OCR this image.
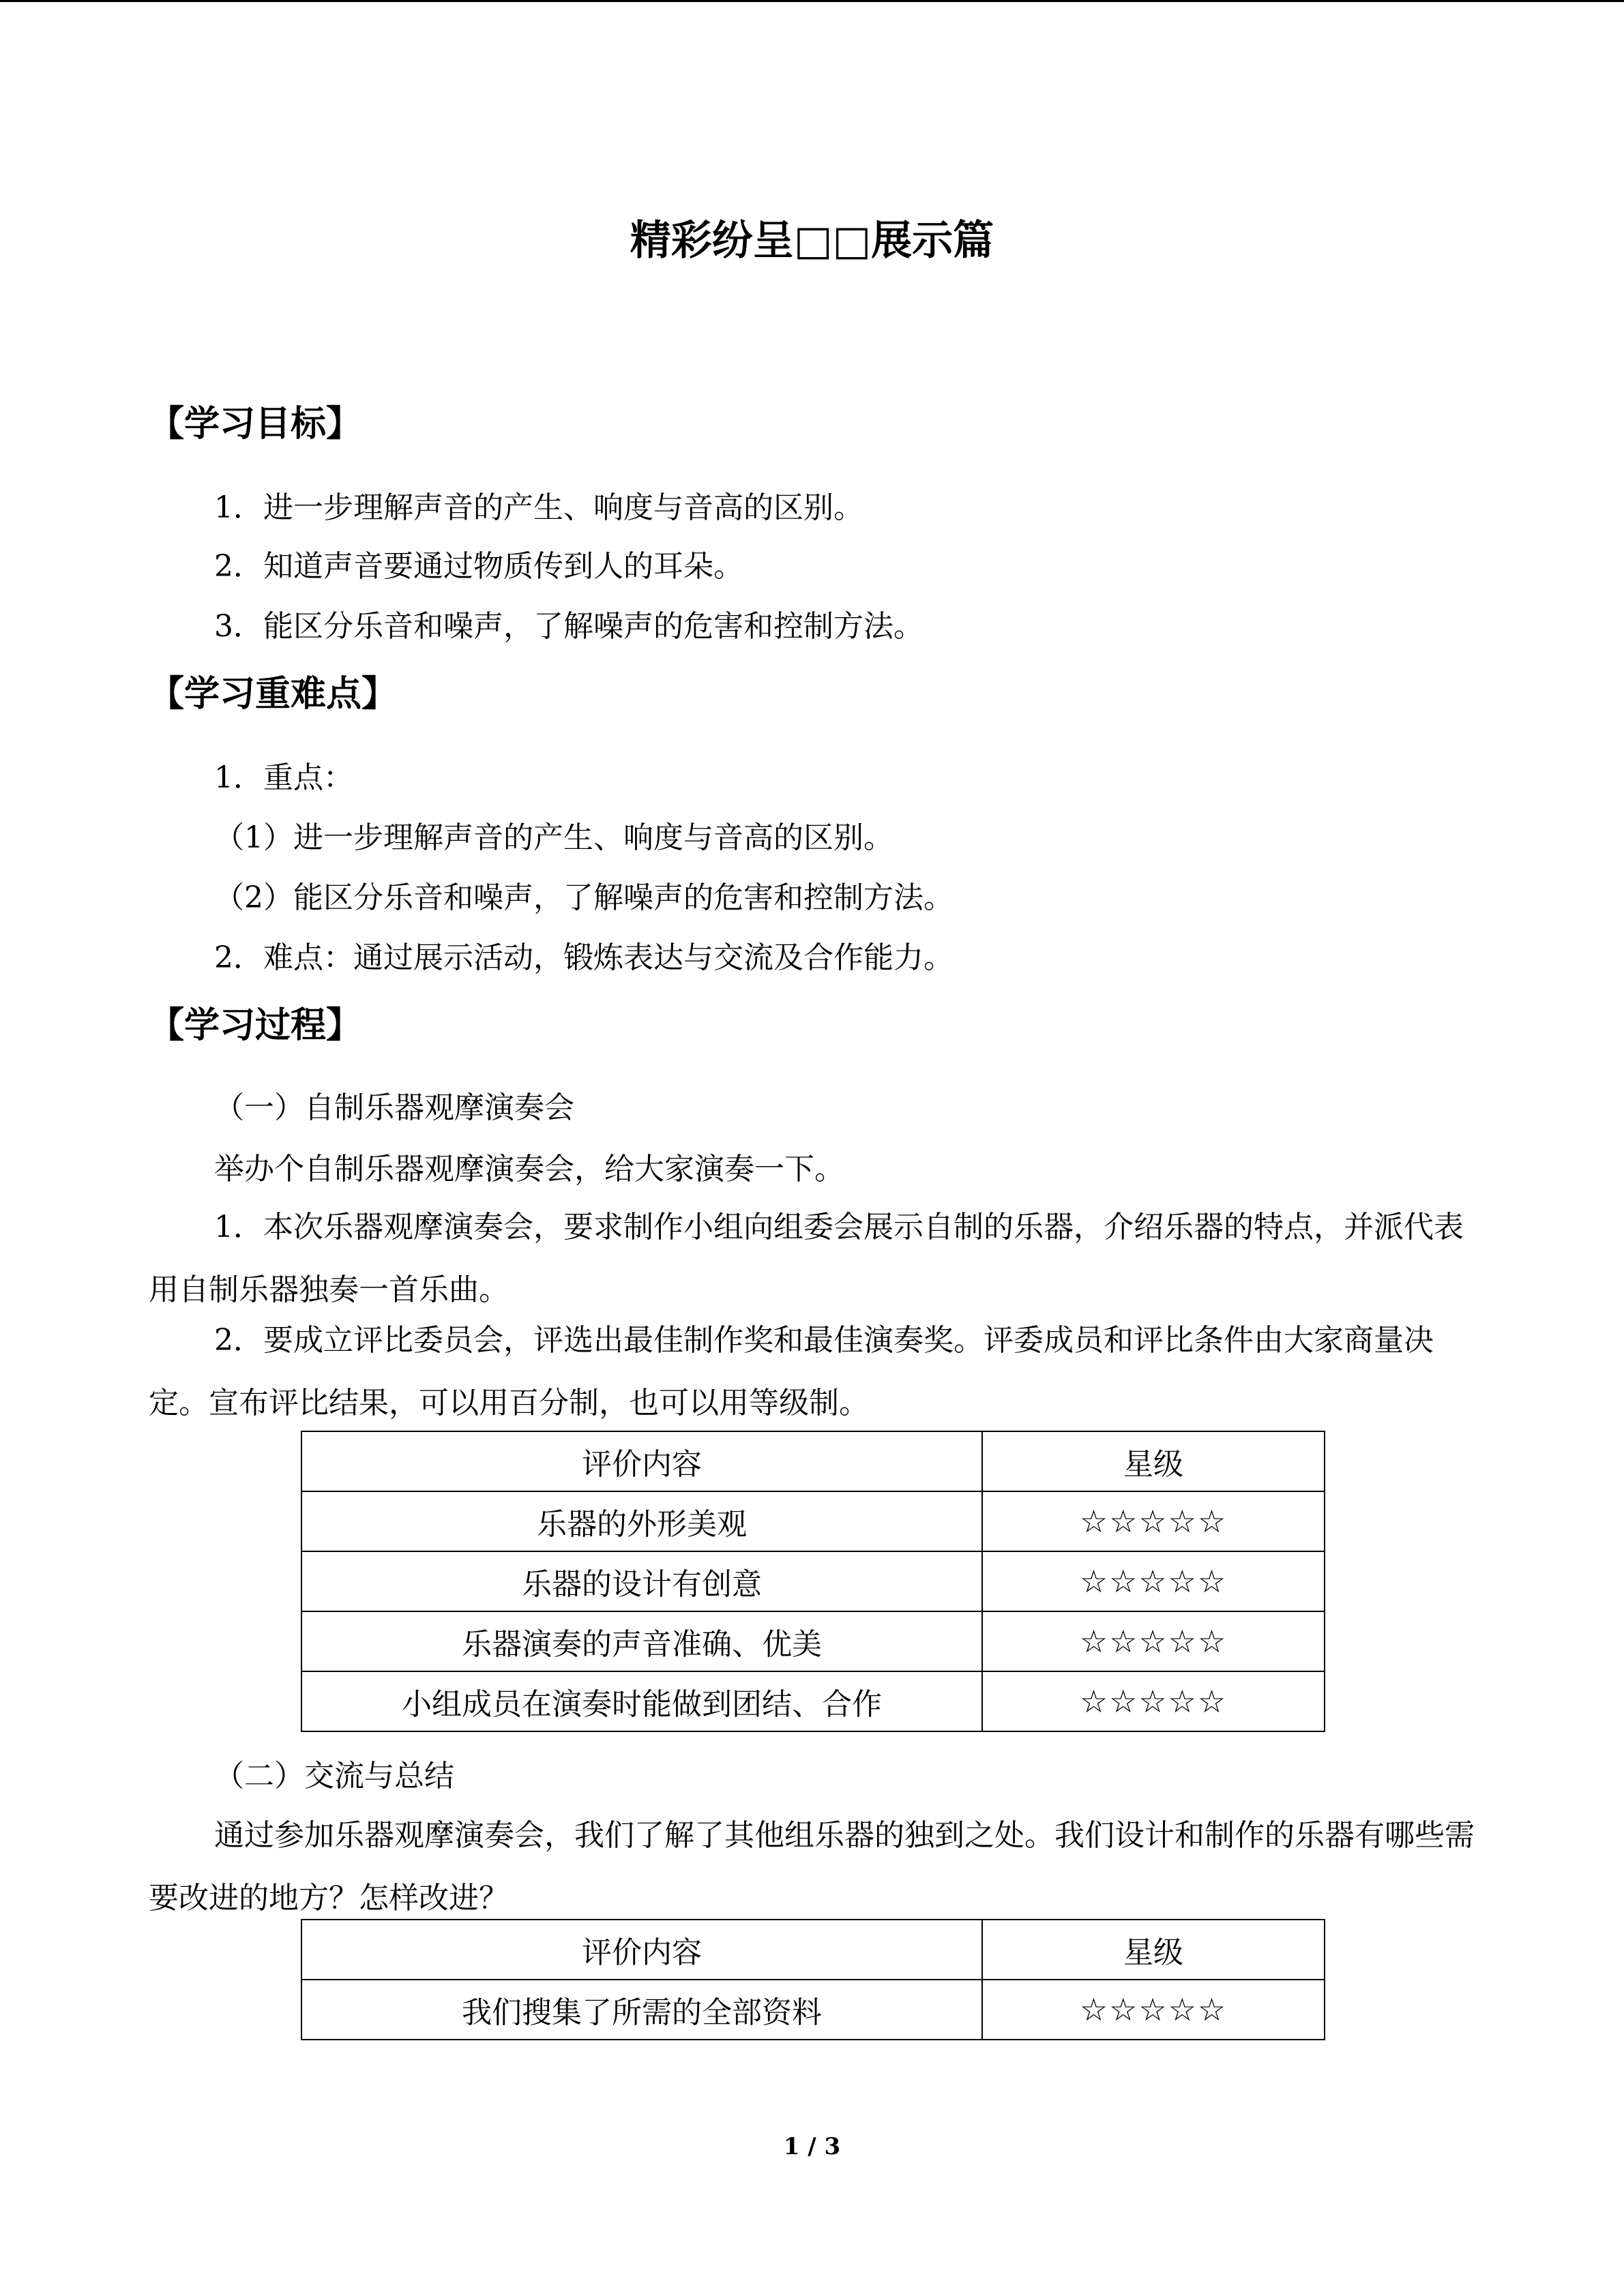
精彩纷呈□□展示篇
【学习目标】
1．进一步理解声音的产生、响度与音高的区别。
2．知道声音要通过物质传到人的耳朵。
3．能区分乐音和噪声，了解噪声的危害和控制方法。
【学习重难点】
1．重点：
（1）进一步理解声音的产生、响度与音高的区别。
（2）能区分乐音和噪声，了解噪声的危害和控制方法。
2．难点：通过展示活动，锻炼表达与交流及合作能力。
【学习过程】
（一）自制乐器观摩演奏会
举办个自制乐器观摩演奏会，给大家演奏一下。
1．本次乐器观摩演奏会，要求制作小组向组委会展示自制的乐器，介绍乐器的特点，并派代表用自制乐器独奏一首乐曲。
2．要成立评比委员会，评选出最佳制作奖和最佳演奏奖。评委成员和评比条件由大家商量决定。宣布评比结果，可以用百分制，也可以用等级制。
评价内容	星级
乐器的外形美观	☆☆☆☆☆
乐器的设计有创意	☆☆☆☆☆
乐器演奏的声音准确、优美	☆☆☆☆☆
小组成员在演奏时能做到团结、合作	☆☆☆☆☆
（二）交流与总结
通过参加乐器观摩演奏会，我们了解了其他组乐器的独到之处。我们设计和制作的乐器有哪些需要改进的地方？怎样改进？
评价内容	星级
我们搜集了所需的全部资料	☆☆☆☆☆
1 / 3
